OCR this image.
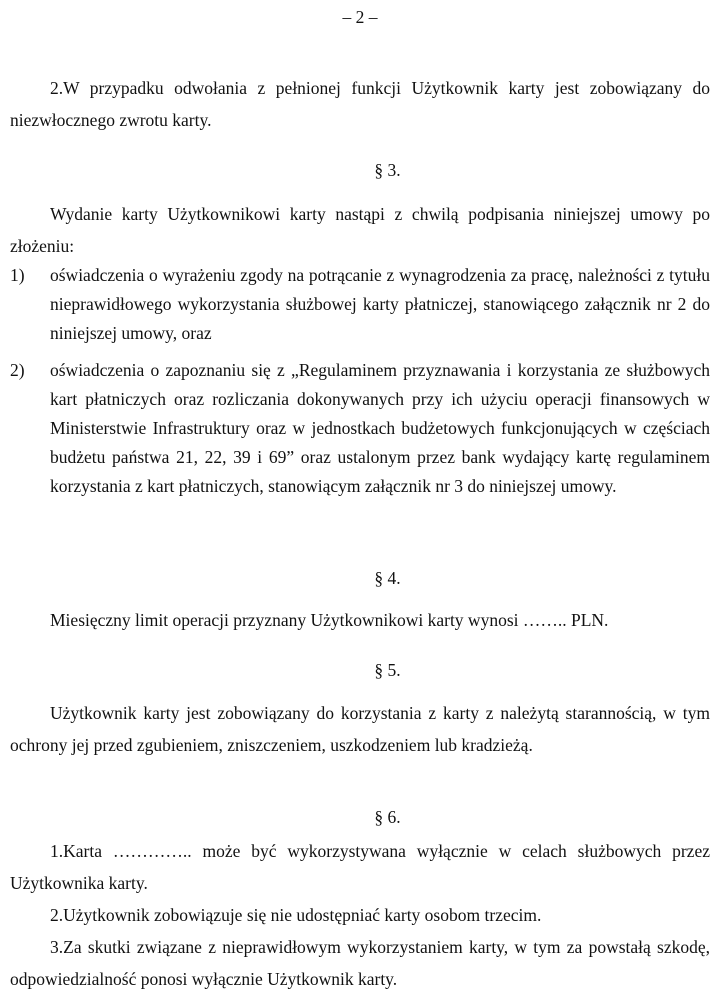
– 2 –
2.W przypadku odwołania z pełnionej funkcji Użytkownik karty jest zobowiązany do niezwłocznego zwrotu karty.
§ 3.
Wydanie karty Użytkownikowi karty nastąpi z chwilą podpisania niniejszej umowy po złożeniu:
1) oświadczenia o wyrażeniu zgody na potrącanie z wynagrodzenia za pracę, należności z tytułu nieprawidłowego wykorzystania służbowej karty płatniczej, stanowiącego załącznik nr 2 do niniejszej umowy, oraz
2) oświadczenia o zapoznaniu się z „Regulaminem przyznawania i korzystania ze służbowych kart płatniczych oraz rozliczania dokonywanych przy ich użyciu operacji finansowych w Ministerstwie Infrastruktury oraz w jednostkach budżetowych funkcjonujących w częściach budżetu państwa 21, 22, 39 i 69” oraz ustalonym przez bank wydający kartę regulaminem korzystania z kart płatniczych, stanowiącym załącznik nr 3 do niniejszej umowy.
§ 4.
Miesięczny limit operacji przyznany Użytkownikowi karty wynosi …….. PLN.
§ 5.
Użytkownik karty jest zobowiązany do korzystania z karty z należytą starannością, w tym ochrony jej przed zgubieniem, zniszczeniem, uszkodzeniem lub kradzieżą.
§ 6.
1.Karta ………….. może być wykorzystywana wyłącznie w celach służbowych przez Użytkownika karty.
2.Użytkownik zobowiązuje się nie udostępniać karty osobom trzecim.
3.Za skutki związane z nieprawidłowym wykorzystaniem karty, w tym za powstałą szkodę, odpowiedzialność ponosi wyłącznie Użytkownik karty.
